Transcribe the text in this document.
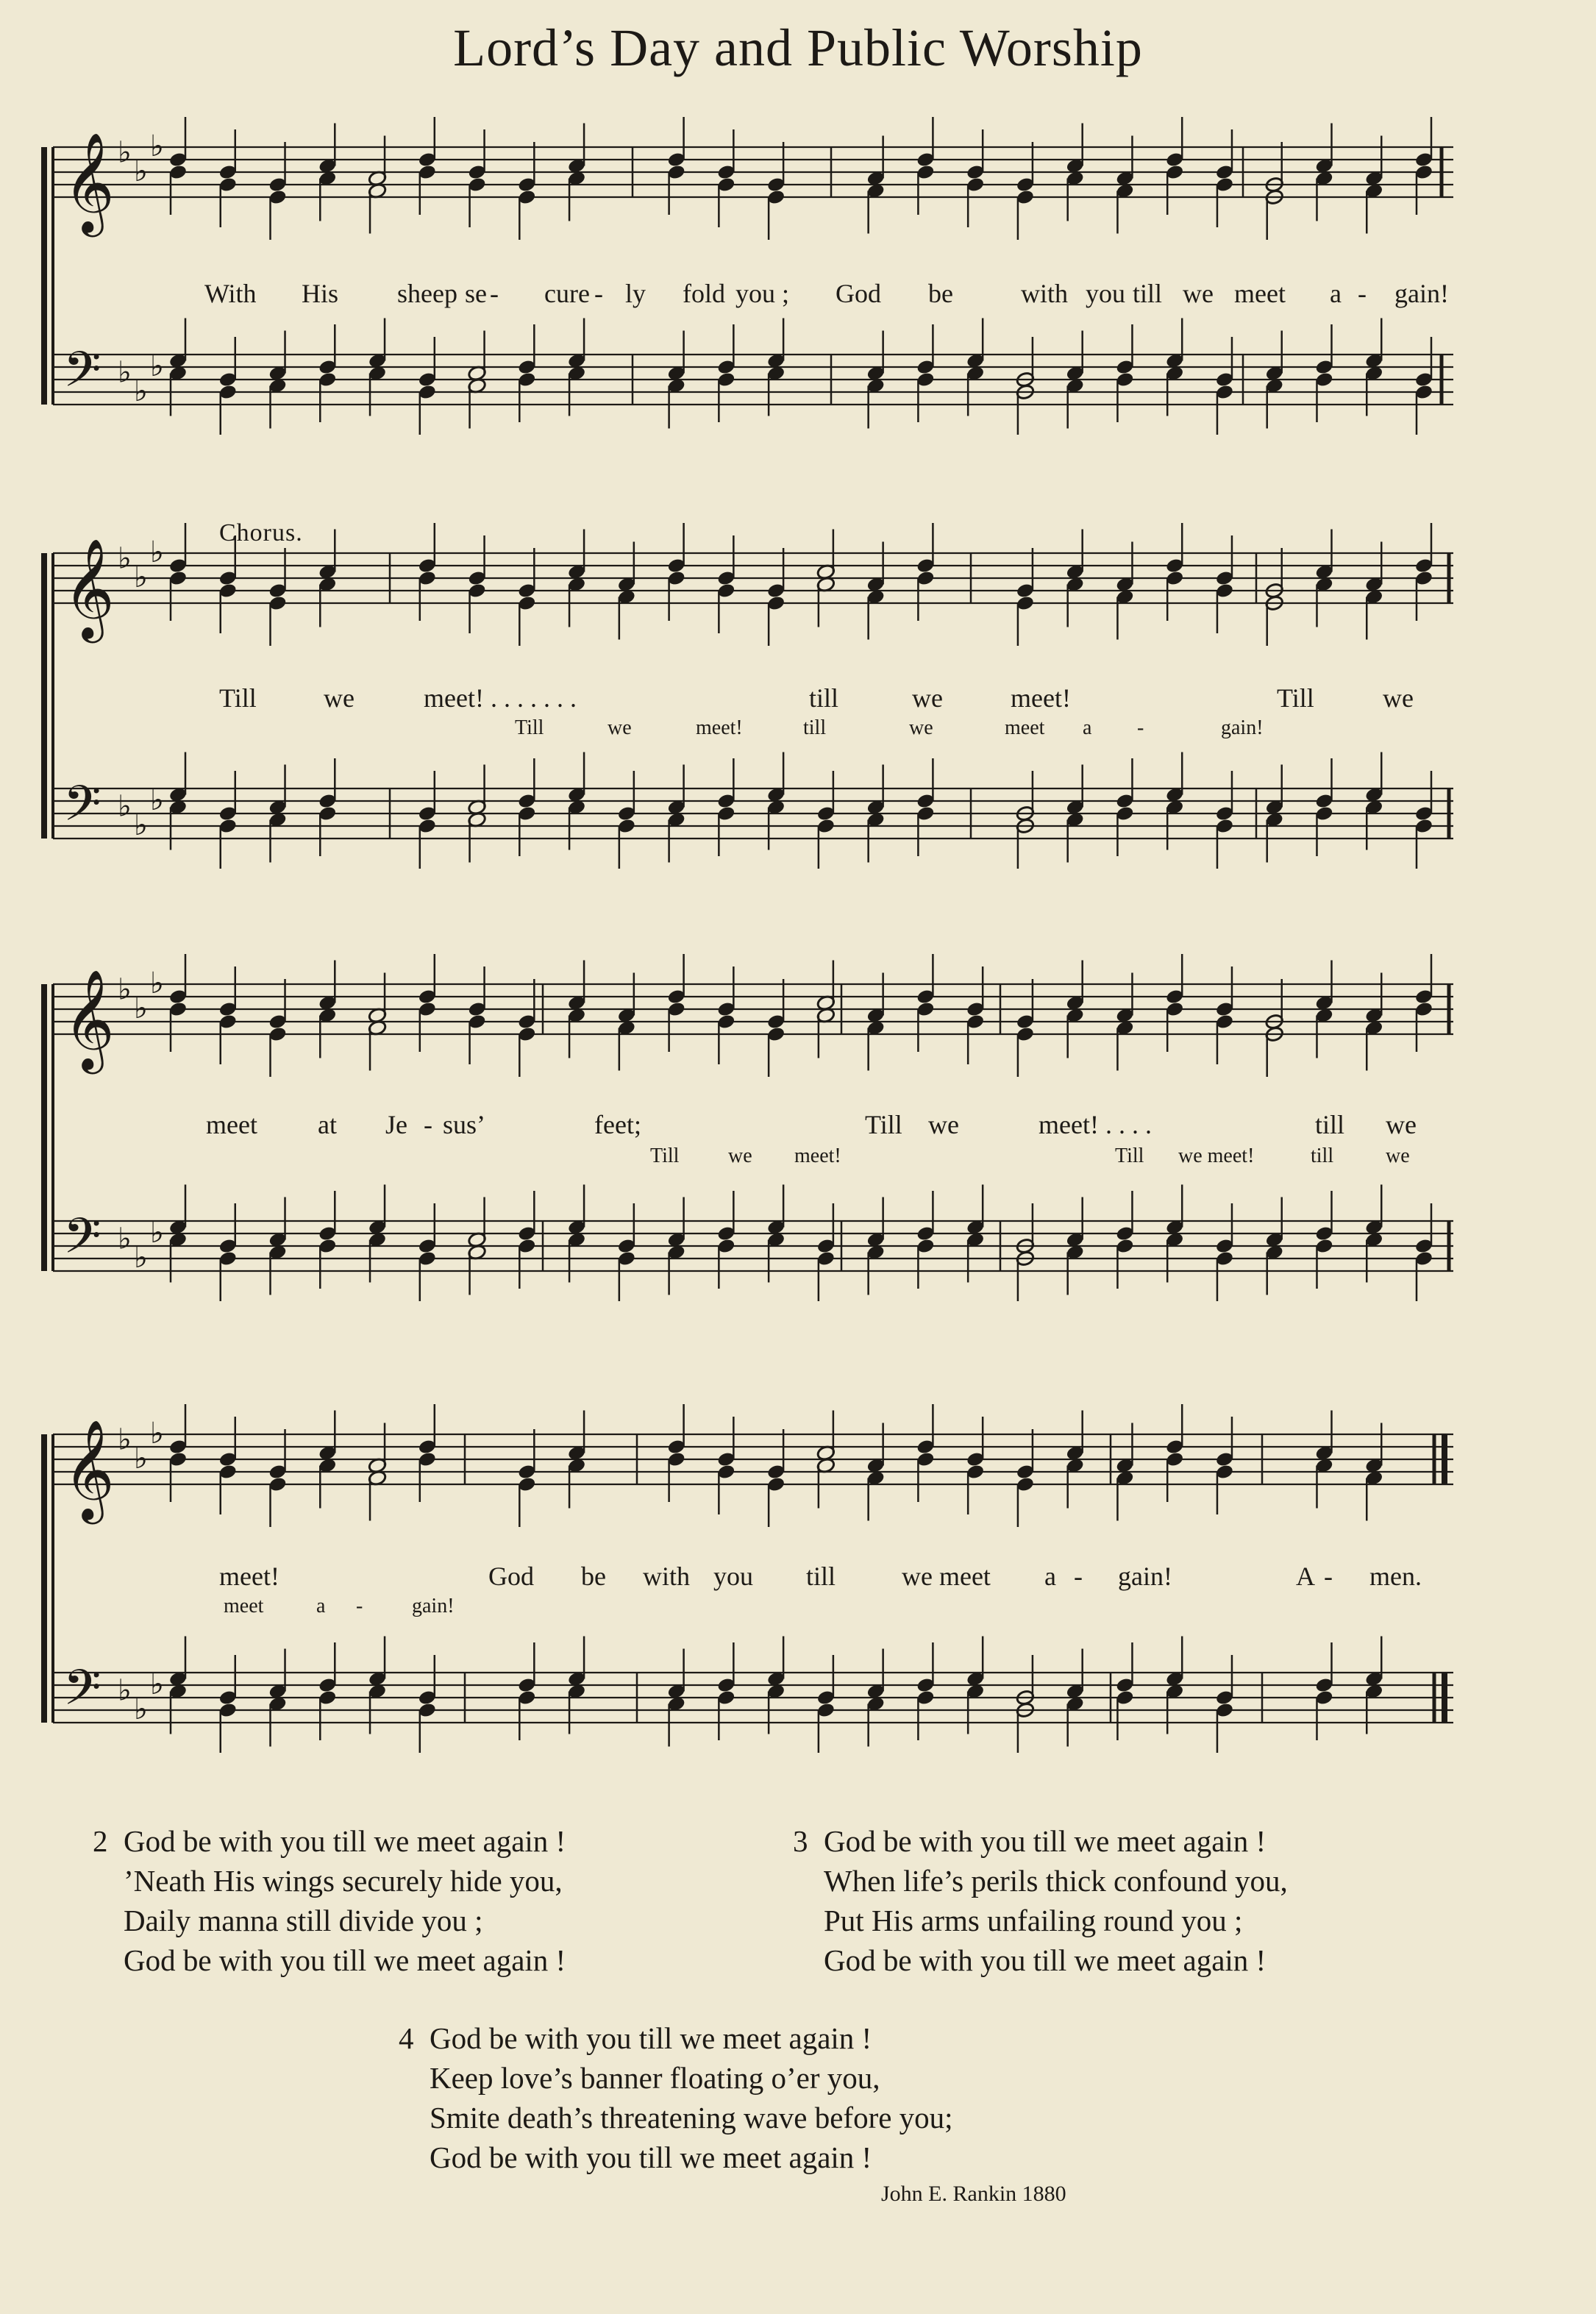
Lord’s Day and Public Worship
𝄞 ♭
♭
♭
𝄢 ♭
♭
♭
𝄞 ♭
♭
♭
𝄢 ♭
♭
♭
𝄞 ♭
♭
♭
𝄢 ♭
♭
♭
𝄞 ♭
♭
♭
𝄢 ♭
♭
♭
With His sheep se - cure - ly fold you ; God be	with you till we meet a - gain!
Till	we	meet! . . . . . . .	till	we	meet!	Till	we
Till	we	meet!	till	we	meet a -	gain!
meet at Je - sus’	feet;	Till we	meet! . . . .	till we
Till we meet!	Till we meet!	till	we
meet!	God be with you till we meet a - gain!	A - men.
meet	a - gain!
Chorus.
2 God be with you till we meet again !
’Neath His wings securely hide you,
Daily manna still divide you ;
God be with you till we meet again !
3 God be with you till we meet again !
When life’s perils thick confound you,
Put His arms unfailing round you ;
God be with you till we meet again !
4 God be with you till we meet again !
Keep love’s banner floating o’er you,
Smite death’s threatening wave before you;
God be with you till we meet again !
John E. Rankin 1880
